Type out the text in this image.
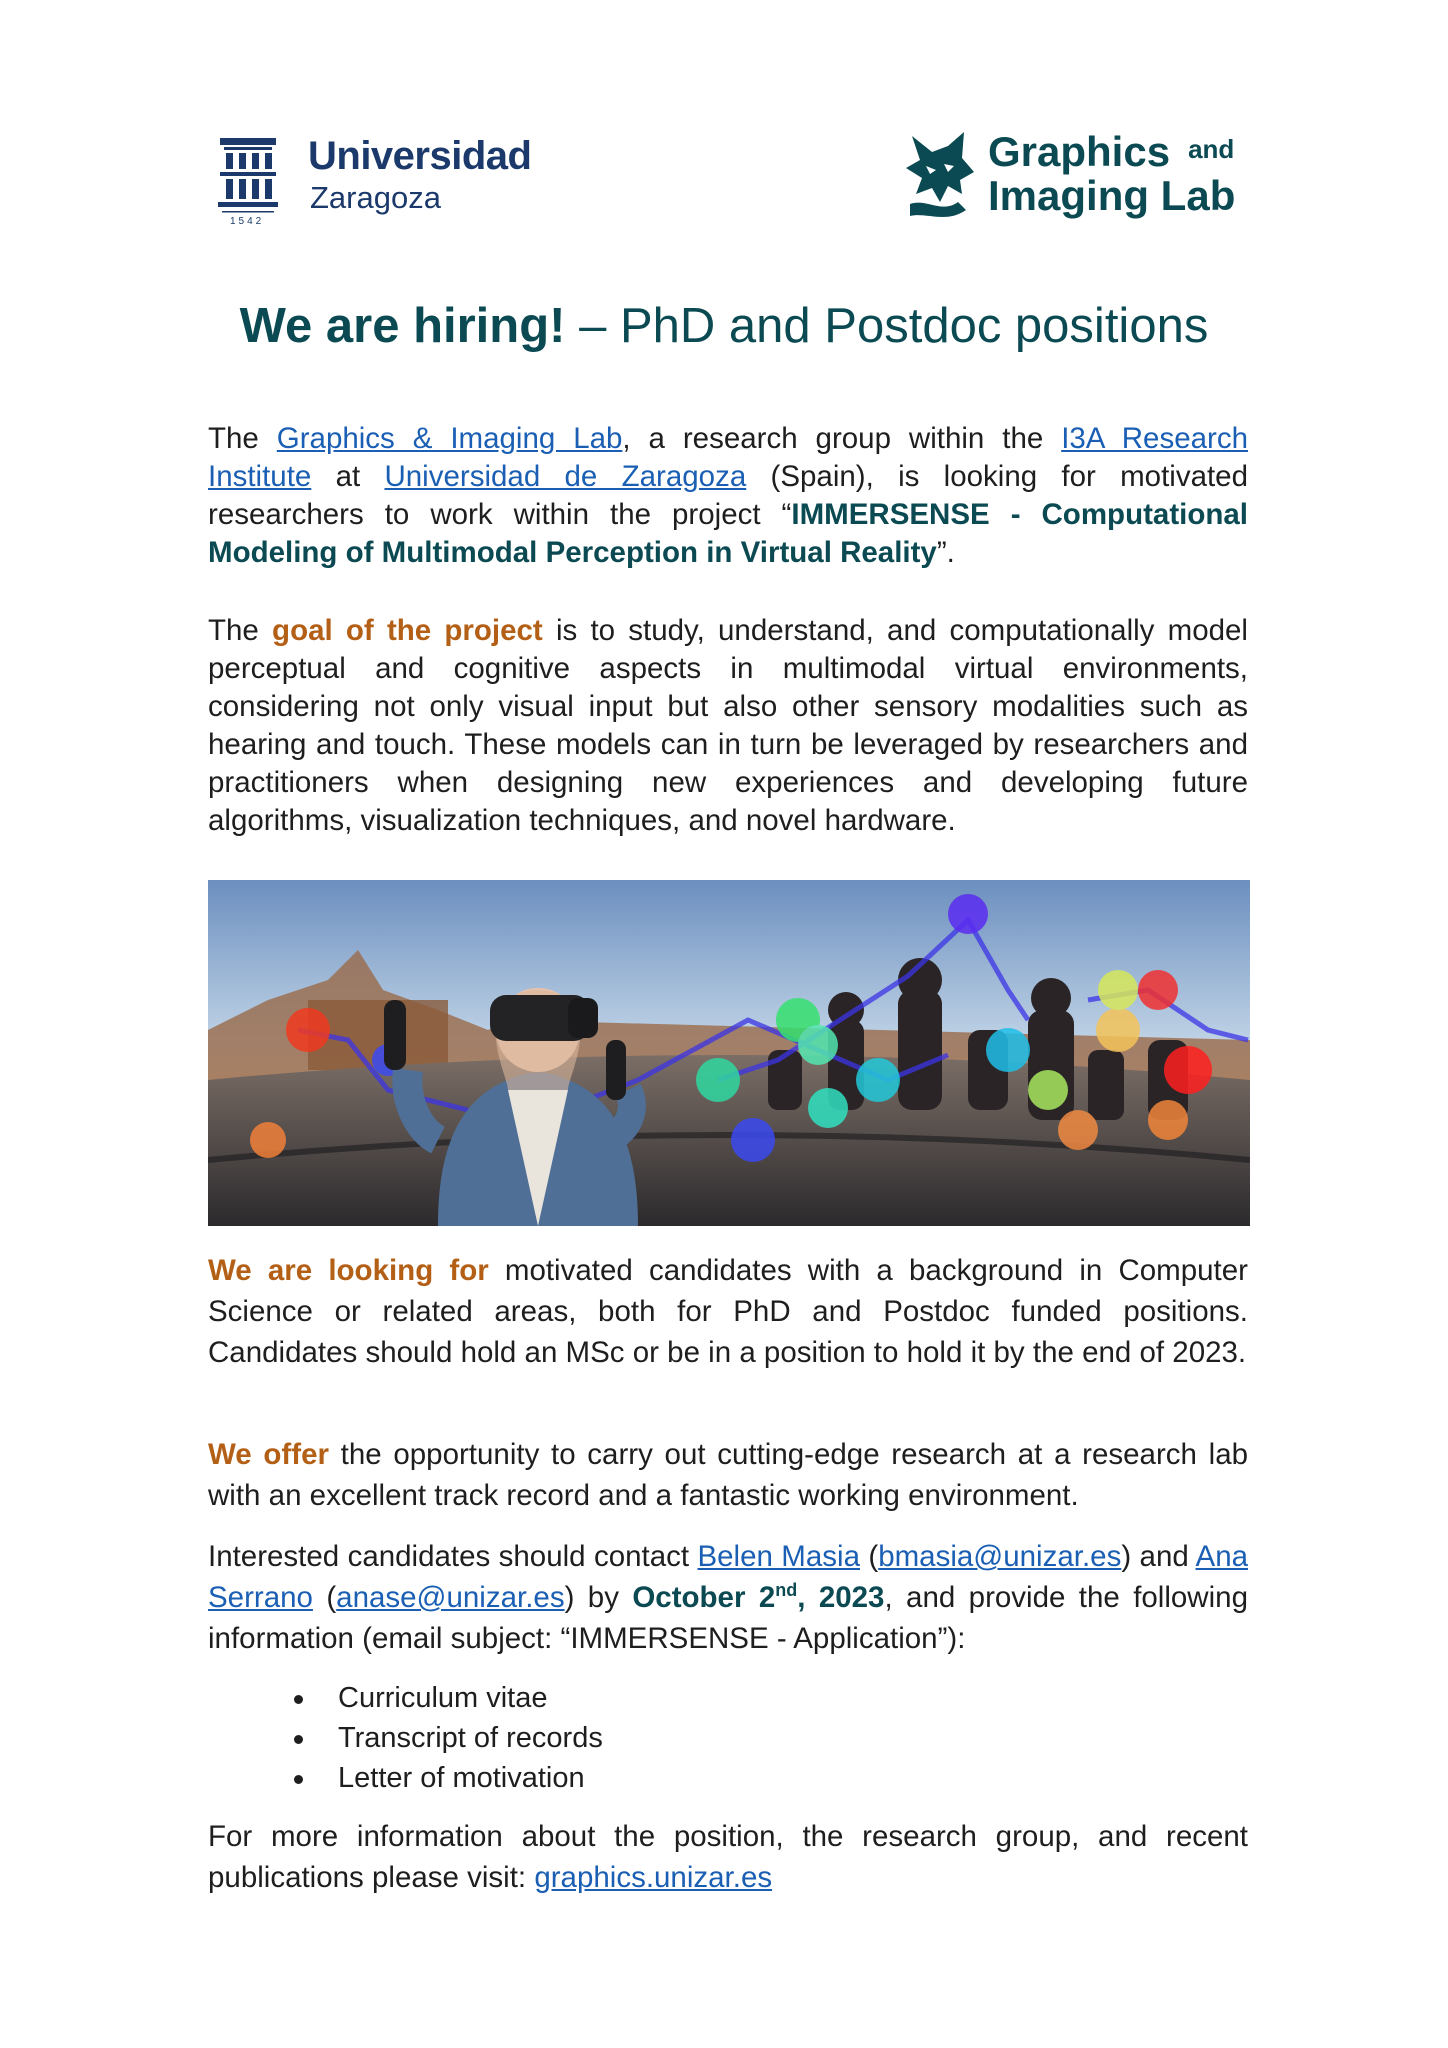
1542
Universidad
Zaragoza
Graphics and
Imaging Lab
We are hiring! – PhD and Postdoc positions
The Graphics & Imaging Lab, a research group within the I3A Research Institute at Universidad de Zaragoza (Spain), is looking for motivated researchers to work within the project “IMMERSENSE - Computational Modeling of Multimodal Perception in Virtual Reality”.
The goal of the project is to study, understand, and computationally model perceptual and cognitive aspects in multimodal virtual environments, considering not only visual input but also other sensory modalities such as hearing and touch. These models can in turn be leveraged by researchers and practitioners when designing new experiences and developing future algorithms, visualization techniques, and novel hardware.
We are looking for motivated candidates with a background in Computer Science or related areas, both for PhD and Postdoc funded positions. Candidates should hold an MSc or be in a position to hold it by the end of 2023.
We offer the opportunity to carry out cutting-edge research at a research lab with an excellent track record and a fantastic working environment.
Interested candidates should contact Belen Masia (bmasia@unizar.es) and Ana Serrano (anase@unizar.es) by October 2nd, 2023, and provide the following information (email subject: “IMMERSENSE - Application”):
Curriculum vitae
Transcript of records
Letter of motivation
For more information about the position, the research group, and recent publications please visit: graphics.unizar.es
